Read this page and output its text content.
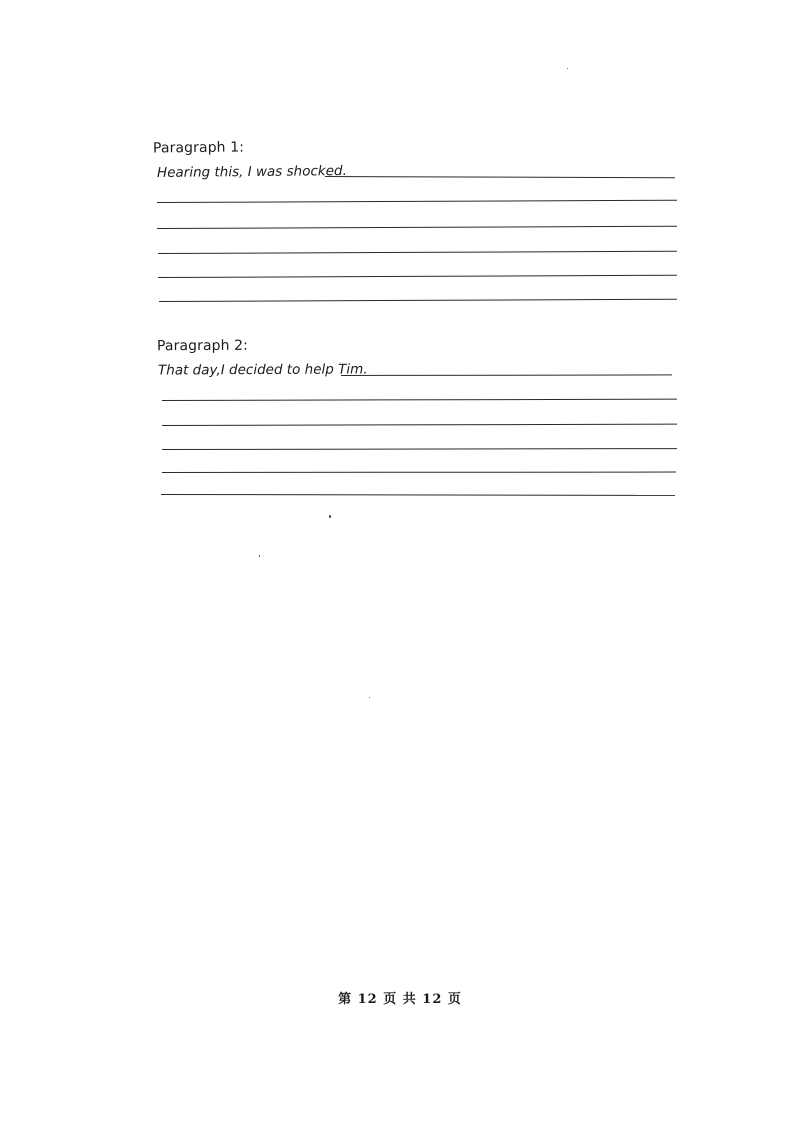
Paragraph 1:
Hearing this, I was shocked.
Paragraph 2:
That day,I decided to help Tim.
第 12 页 共 12 页
